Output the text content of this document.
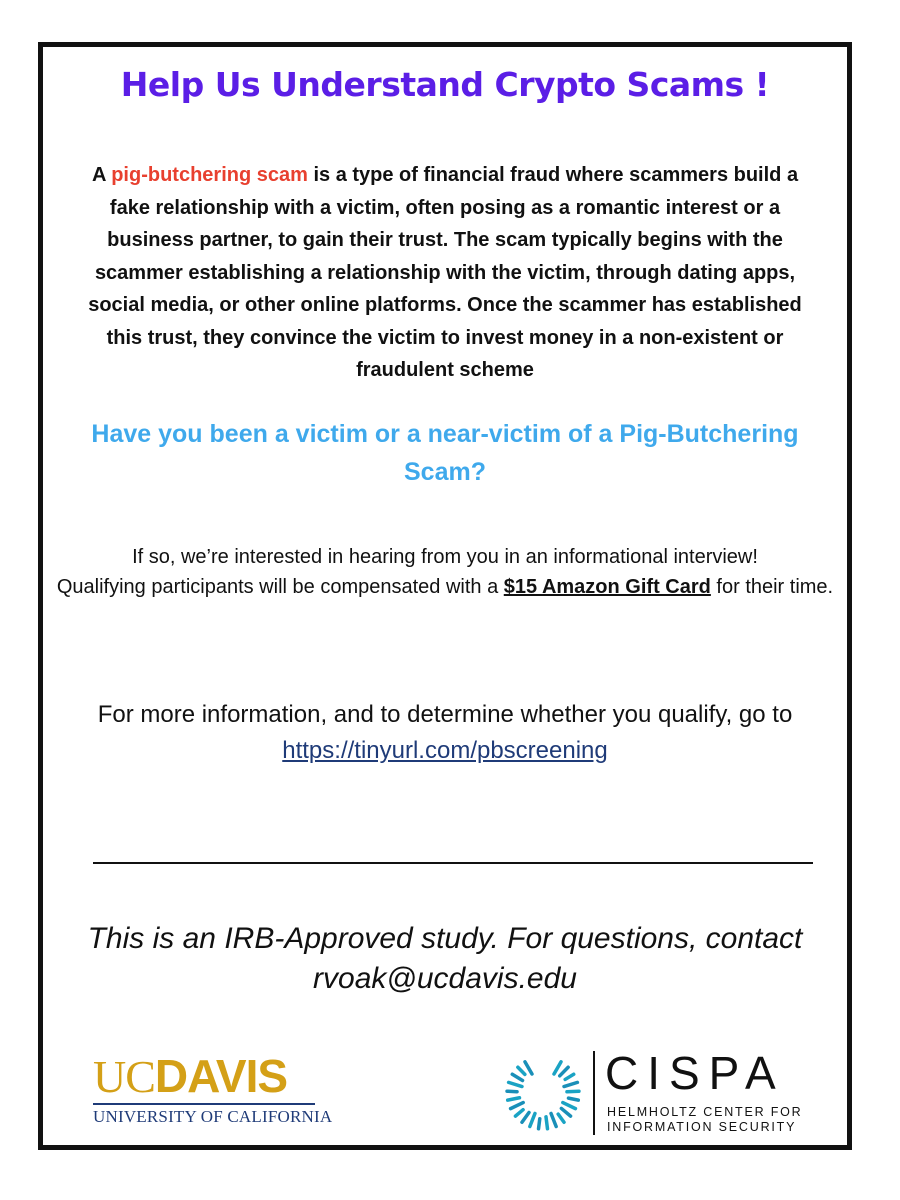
Help Us Understand Crypto Scams !
A pig-butchering scam is a type of financial fraud where scammers build a fake relationship with a victim, often posing as a romantic interest or a business partner, to gain their trust. The scam typically begins with the scammer establishing a relationship with the victim, through dating apps, social media, or other online platforms. Once the scammer has established this trust, they convince the victim to invest money in a non-existent or fraudulent scheme
Have you been a victim or a near-victim of a Pig-Butchering Scam?
If so, we’re interested in hearing from you in an informational interview!
Qualifying participants will be compensated with a $15 Amazon Gift Card for their time.
For more information, and to determine whether you qualify, go to
https://tinyurl.com/pbscreening
This is an IRB-Approved study. For questions, contact
rvoak@ucdavis.edu
UCDAVIS
UNIVERSITY OF CALIFORNIA
CISPA
HELMHOLTZ CENTER FOR
INFORMATION SECURITY
